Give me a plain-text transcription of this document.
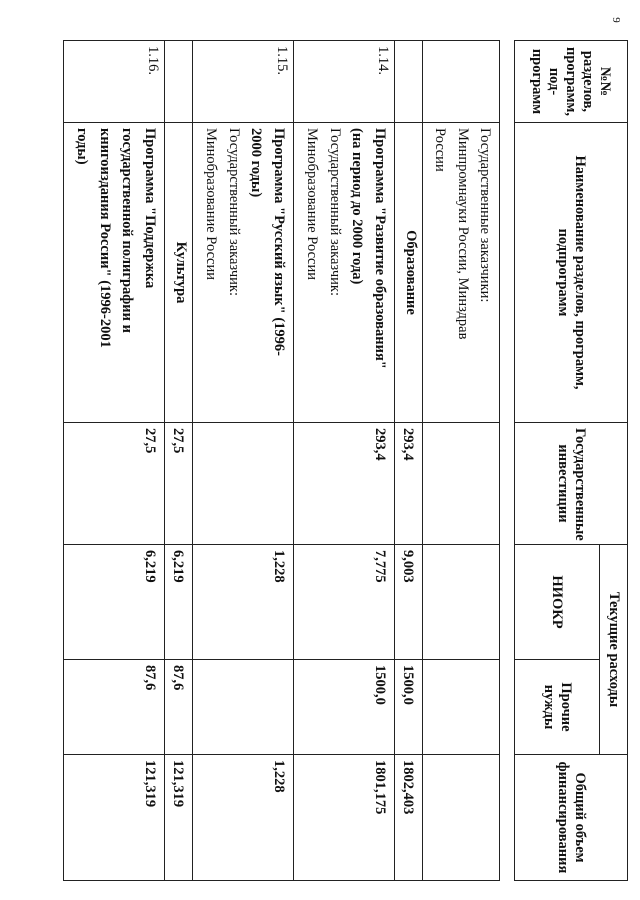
9
№№ разделов, программ, под-программ	Наименование разделов, программ, подпрограмм	Государственные инвестиции	Текущие расходы		Общий объем финансирования
			НИОКР	Прочие нужды	

	Государственные заказчики:
Минпромнауки России, Минздрав
России				

	Образование	293,4	9,003	1500,0	1802,403
1.14.	Программа "Развитие образования"
(на период до 2000 года)
Государственный заказчик:
Минобразование России	293,4	7,775	1500,0	1801,175
1.15.	Программа "Русский язык" (1996-
2000 годы)
Государственный заказчик:
Минобразование России		1,228		1,228
	Культура	27,5	6,219	87,6	121,319
1.16.	Программа "Поддержка
государственной полиграфии и
книгоиздания России" (1996-2001
годы)	27,5	6,219	87,6	121,319
